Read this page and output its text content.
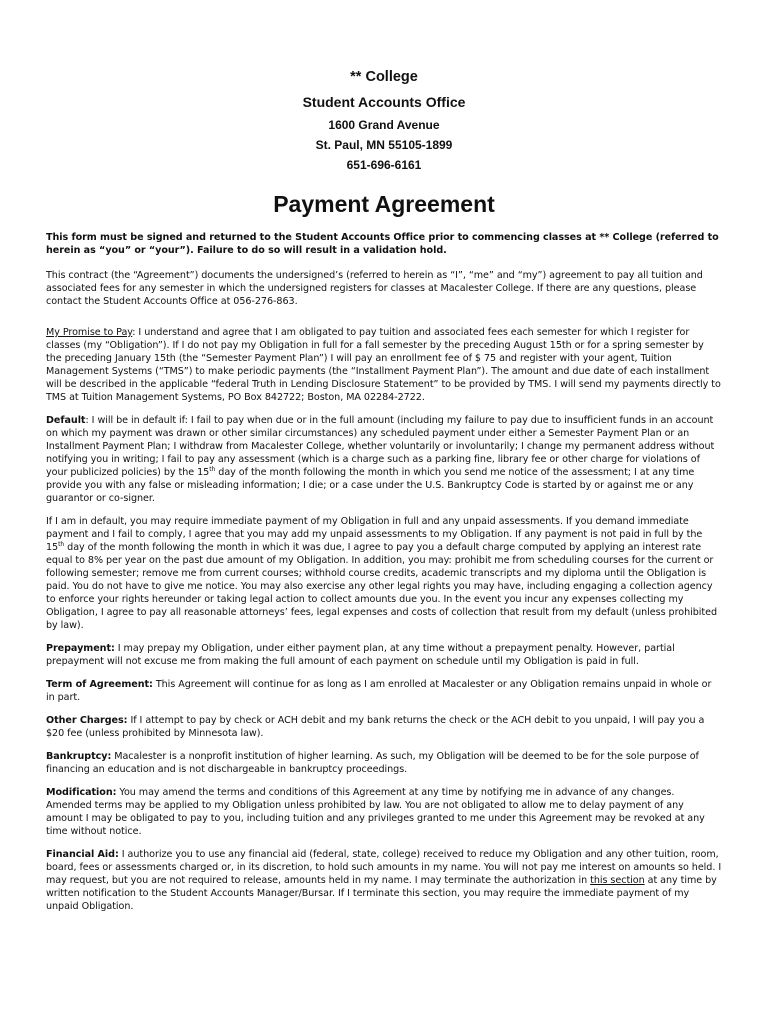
** College
Student Accounts Office
1600 Grand Avenue
St. Paul, MN 55105-1899
651-696-6161
Payment Agreement

This form must be signed and returned to the Student Accounts Office prior to commencing classes at ** College (referred to herein as “you” or “your”). Failure to do so will result in a validation hold.

This contract (the “Agreement”) documents the undersigned’s (referred to herein as “I”, “me” and “my”) agreement to pay all tuition and associated fees for any semester in which the undersigned registers for classes at Macalester College. If there are any questions, please contact the Student Accounts Office at 056-276-863.

My Promise to Pay: I understand and agree that I am obligated to pay tuition and associated fees each semester for which I register for classes (my “Obligation”). If I do not pay my Obligation in full for a fall semester by the preceding August 15th or for a spring semester by the preceding January 15th (the “Semester Payment Plan”) I will pay an enrollment fee of $ 75 and register with your agent, Tuition Management Systems (“TMS”) to make periodic payments (the “Installment Payment Plan”). The amount and due date of each installment will be described in the applicable “federal Truth in Lending Disclosure Statement” to be provided by TMS. I will send my payments directly to TMS at Tuition Management Systems, PO Box 842722; Boston, MA 02284-2722.

Default: I will be in default if: I fail to pay when due or in the full amount (including my failure to pay due to insufficient funds in an account on which my payment was drawn or other similar circumstances) any scheduled payment under either a Semester Payment Plan or an Installment Payment Plan; I withdraw from Macalester College, whether voluntarily or involuntarily; I change my permanent address without notifying you in writing; I fail to pay any assessment (which is a charge such as a parking fine, library fee or other charge for violations of your publicized policies) by the 15th day of the month following the month in which you send me notice of the assessment; I at any time provide you with any false or misleading information; I die; or a case under the U.S. Bankruptcy Code is started by or against me or any guarantor or co-signer.

If I am in default, you may require immediate payment of my Obligation in full and any unpaid assessments. If you demand immediate payment and I fail to comply, I agree that you may add my unpaid assessments to my Obligation. If any payment is not paid in full by the 15th day of the month following the month in which it was due, I agree to pay you a default charge computed by applying an interest rate equal to 8% per year on the past due amount of my Obligation. In addition, you may: prohibit me from scheduling courses for the current or following semester; remove me from current courses; withhold course credits, academic transcripts and my diploma until the Obligation is paid. You do not have to give me notice. You may also exercise any other legal rights you may have, including engaging a collection agency to enforce your rights hereunder or taking legal action to collect amounts due you. In the event you incur any expenses collecting my Obligation, I agree to pay all reasonable attorneys’ fees, legal expenses and costs of collection that result from my default (unless prohibited by law).

Prepayment: I may prepay my Obligation, under either payment plan, at any time without a prepayment penalty. However, partial prepayment will not excuse me from making the full amount of each payment on schedule until my Obligation is paid in full.

Term of Agreement: This Agreement will continue for as long as I am enrolled at Macalester or any Obligation remains unpaid in whole or in part.

Other Charges: If I attempt to pay by check or ACH debit and my bank returns the check or the ACH debit to you unpaid, I will pay you a $20 fee (unless prohibited by Minnesota law).

Bankruptcy: Macalester is a nonprofit institution of higher learning. As such, my Obligation will be deemed to be for the sole purpose of financing an education and is not dischargeable in bankruptcy proceedings.

Modification: You may amend the terms and conditions of this Agreement at any time by notifying me in advance of any changes. Amended terms may be applied to my Obligation unless prohibited by law. You are not obligated to allow me to delay payment of any amount I may be obligated to pay to you, including tuition and any privileges granted to me under this Agreement may be revoked at any time without notice.

Financial Aid: I authorize you to use any financial aid (federal, state, college) received to reduce my Obligation and any other tuition, room, board, fees or assessments charged or, in its discretion, to hold such amounts in my name. You will not pay me interest on amounts so held. I may request, but you are not required to release, amounts held in my name. I may terminate the authorization in this section at any time by written notification to the Student Accounts Manager/Bursar. If I terminate this section, you may require the immediate payment of my unpaid Obligation.
